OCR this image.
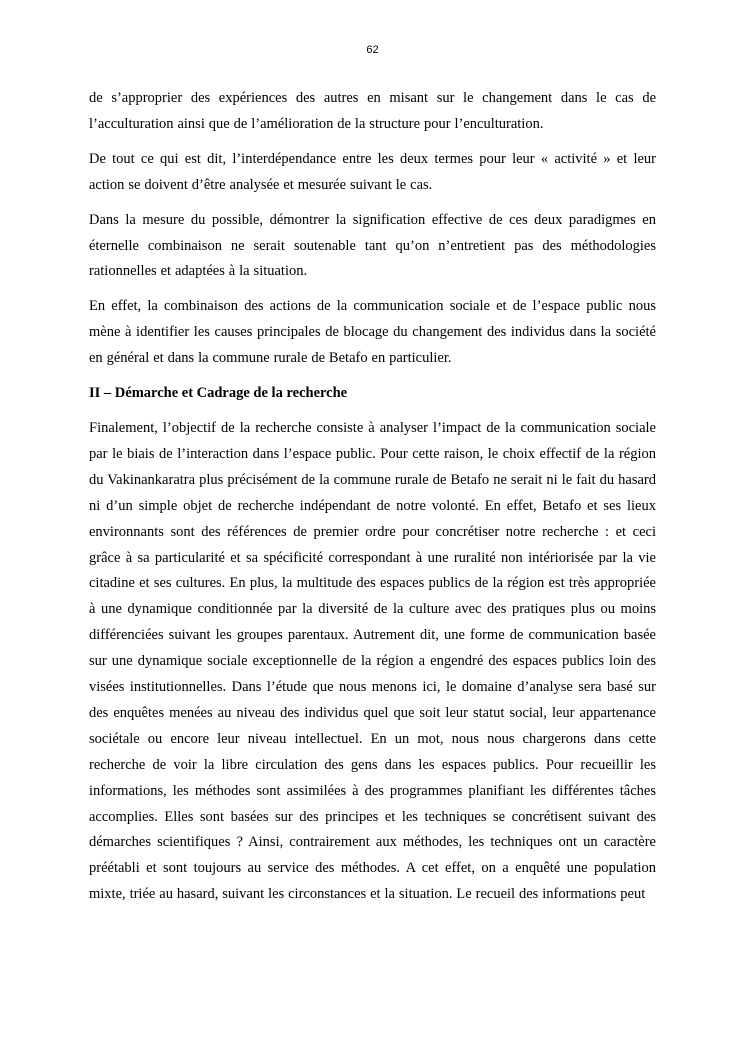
62

de s’approprier des expériences des autres en misant sur le changement dans le cas de l’acculturation ainsi que de l’amélioration de la structure pour l’enculturation.

De tout ce qui est dit, l’interdépendance entre les deux termes pour leur « activité » et leur action se doivent d’être analysée et mesurée suivant le cas.

Dans la mesure du possible, démontrer la signification effective de ces deux paradigmes en éternelle combinaison ne serait soutenable tant qu’on n’entretient pas des méthodologies rationnelles et adaptées à la situation.

En effet, la combinaison des actions de la communication sociale et de l’espace public nous mène à identifier les causes principales de blocage du changement des individus dans la société en général et dans la commune rurale de Betafo en particulier.

II – Démarche et Cadrage de la recherche

Finalement, l’objectif de la recherche consiste à analyser l’impact de la communication sociale par le biais de l’interaction dans l’espace public. Pour cette raison, le choix effectif de la région du Vakinankaratra plus précisément de la commune rurale de Betafo ne serait ni le fait du hasard ni d’un simple objet de recherche indépendant de notre volonté. En effet, Betafo et ses lieux environnants sont des références de premier ordre pour concrétiser notre recherche : et ceci grâce à sa particularité et sa spécificité correspondant à une ruralité non intériorisée par la vie citadine et ses cultures. En plus, la multitude des espaces publics de la région est très appropriée à une dynamique conditionnée par la diversité de la culture avec des pratiques plus ou moins différenciées suivant les groupes parentaux. Autrement dit, une forme de communication basée sur une dynamique sociale exceptionnelle de la région a engendré des espaces publics loin des visées institutionnelles. Dans l’étude que nous menons ici, le domaine d’analyse sera basé sur des enquêtes menées au niveau des individus quel que soit leur statut social, leur appartenance sociétale ou encore leur niveau intellectuel. En un mot, nous nous chargerons dans cette recherche de voir la libre circulation des gens dans les espaces publics. Pour recueillir les informations, les méthodes sont assimilées à des programmes planifiant les différentes tâches accomplies. Elles sont basées sur des principes et les techniques se concrétisent suivant des démarches scientifiques ? Ainsi, contrairement aux méthodes, les techniques ont un caractère préétabli et sont toujours au service des méthodes. A cet effet, on a enquêté une population mixte, triée au hasard, suivant les circonstances et la situation. Le recueil des informations peut
